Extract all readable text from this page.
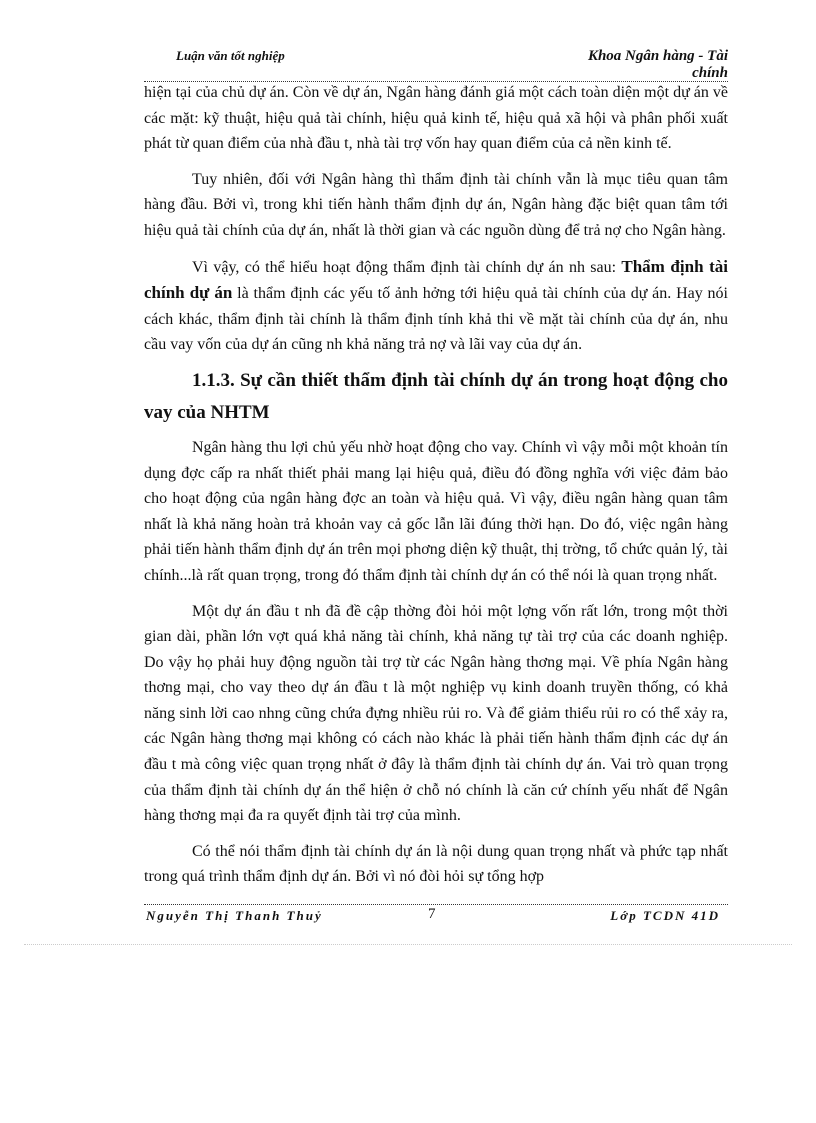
Luận văn tốt nghiệp	Khoa Ngân hàng - Tài
chính

hiện tại của chủ dự án. Còn về dự án, Ngân hàng đánh giá một cách toàn diện một dự án về các mặt: kỹ thuật, hiệu quả tài chính, hiệu quả kinh tế, hiệu quả xã hội và phân phối xuất phát từ quan điểm của nhà đầu t, nhà tài trợ vốn hay quan điểm của cả nền kinh tế.

Tuy nhiên, đối với Ngân hàng thì thẩm định tài chính vẫn là mục tiêu quan tâm hàng đầu. Bởi vì, trong khi tiến hành thẩm định dự án, Ngân hàng đặc biệt quan tâm tới hiệu quả tài chính của dự án, nhất là thời gian và các nguồn dùng để trả nợ cho Ngân hàng.

Vì vậy, có thể hiểu hoạt động thẩm định tài chính dự án nh sau: Thẩm định tài chính dự án là thẩm định các yếu tố ảnh hởng tới hiệu quả tài chính của dự án. Hay nói cách khác, thẩm định tài chính là thẩm định tính khả thi về mặt tài chính của dự án, nhu cầu vay vốn của dự án cũng nh khả năng trả nợ và lãi vay của dự án.

1.1.3. Sự cần thiết thẩm định tài chính dự án trong hoạt động cho vay của NHTM

Ngân hàng thu lợi chủ yếu nhờ hoạt động cho vay. Chính vì vậy mỗi một khoản tín dụng đợc cấp ra nhất thiết phải mang lại hiệu quả, điều đó đồng nghĩa với việc đảm bảo cho hoạt động của ngân hàng đợc an toàn và hiệu quả. Vì vậy, điều ngân hàng quan tâm nhất là khả năng hoàn trả khoản vay cả gốc lẫn lãi đúng thời hạn. Do đó, việc ngân hàng phải tiến hành thẩm định dự án trên mọi phơng diện kỹ thuật, thị trờng, tổ chức quản lý, tài chính...là rất quan trọng, trong đó thẩm định tài chính dự án có thể nói là quan trọng nhất.

Một dự án đầu t nh đã đề cập thờng đòi hỏi một lợng vốn rất lớn, trong một thời gian dài, phần lớn vợt quá khả năng tài chính, khả năng tự tài trợ của các doanh nghiệp. Do vậy họ phải huy động nguồn tài trợ từ các Ngân hàng thơng mại. Về phía Ngân hàng thơng mại, cho vay theo dự án đầu t là một nghiệp vụ kinh doanh truyền thống, có khả năng sinh lời cao nhng cũng chứa đựng nhiều rủi ro. Và để giảm thiểu rủi ro có thể xảy ra, các Ngân hàng thơng mại không có cách nào khác là phải tiến hành thẩm định các dự án đầu t mà công việc quan trọng nhất ở đây là thẩm định tài chính dự án. Vai trò quan trọng của thẩm định tài chính dự án thể hiện ở chỗ nó chính là căn cứ chính yếu nhất để Ngân hàng thơng mại đa ra quyết định tài trợ của mình.

Có thể nói thẩm định tài chính dự án là nội dung quan trọng nhất và phức tạp nhất trong quá trình thẩm định dự án. Bởi vì nó đòi hỏi sự tổng hợp

Nguyễn Thị Thanh Thuỷ	7	Lớp TCDN 41D
